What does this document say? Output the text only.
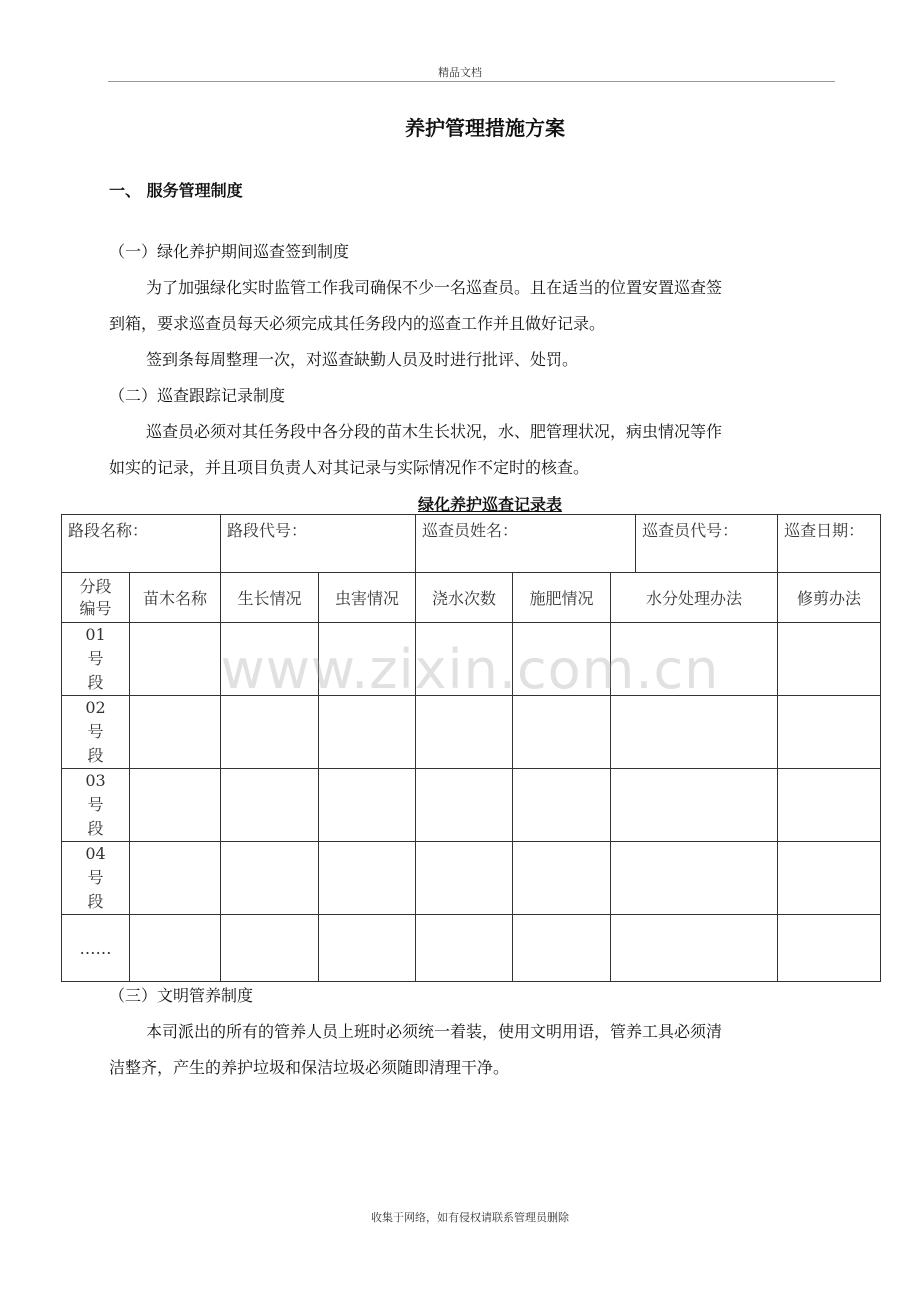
精品文档
养护管理措施方案
一、 服务管理制度
（一）绿化养护期间巡查签到制度
为了加强绿化实时监管工作我司确保不少一名巡查员。且在适当的位置安置巡查签
到箱，要求巡查员每天必须完成其任务段内的巡查工作并且做好记录。
签到条每周整理一次，对巡查缺勤人员及时进行批评、处罚。
（二）巡查跟踪记录制度
巡查员必须对其任务段中各分段的苗木生长状况，水、肥管理状况，病虫情况等作
如实的记录，并且项目负责人对其记录与实际情况作不定时的核查。
绿化养护巡查记录表
路段名称：		路段代号：		巡查员姓名：			巡查员代号：	巡查日期：

分段
编号	苗木名称	生长情况	虫害情况	浇水次数	施肥情况	水分处理办法		修剪办法

01
号
段								

02
号
段								

03
号
段								

04
号
段								

……								
www.zixin.com.cn
（三）文明管养制度
本司派出的所有的管养人员上班时必须统一着装，使用文明用语，管养工具必须清
洁整齐，产生的养护垃圾和保洁垃圾必须随即清理干净。
收集于网络，如有侵权请联系管理员删除
